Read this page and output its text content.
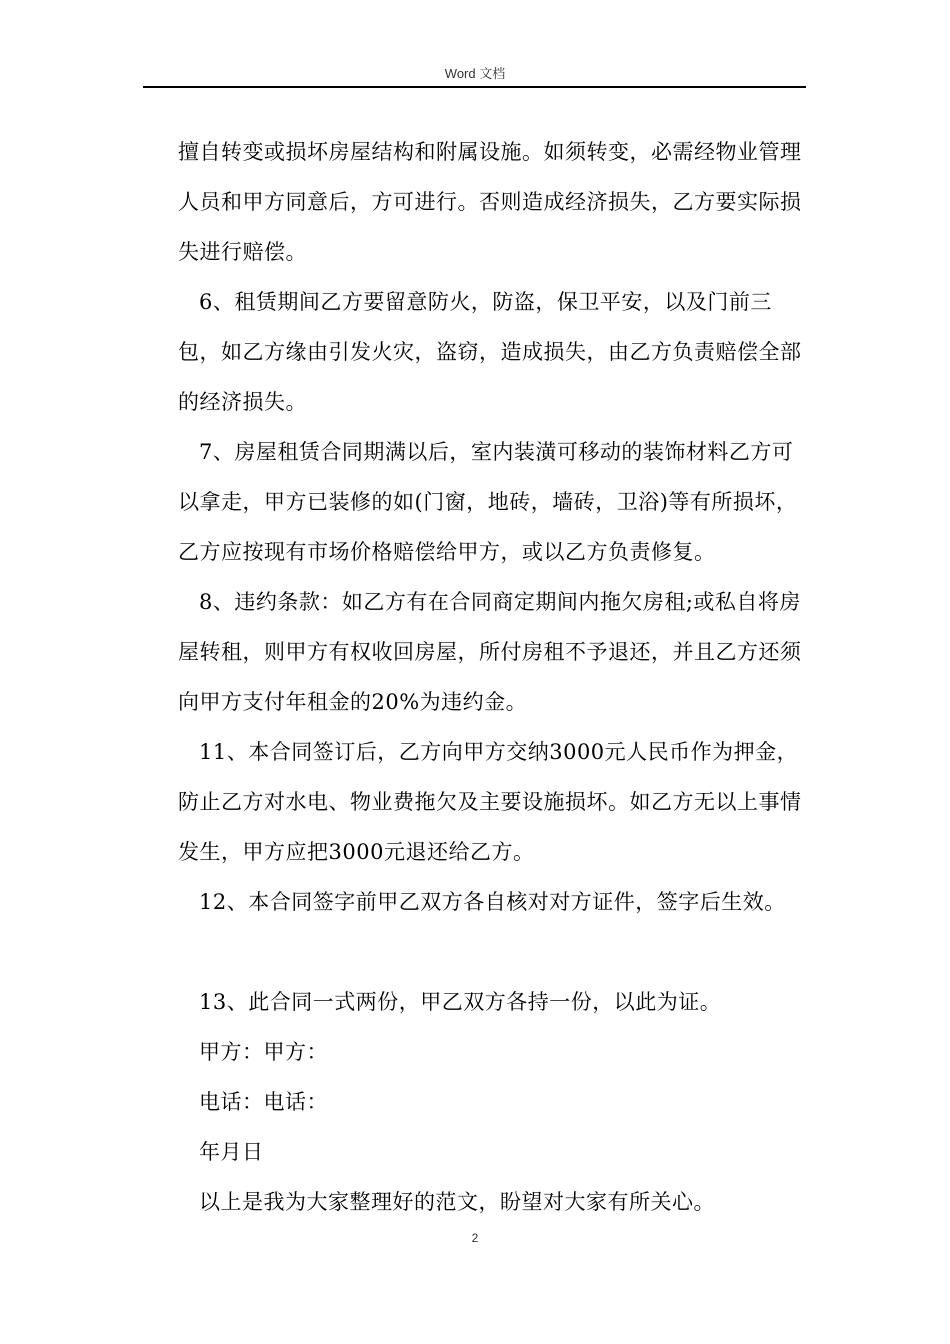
Word 文档

擅自转变或损坏房屋结构和附属设施。如须转变，必需经物业管理人员和甲方同意后，方可进行。否则造成经济损失，乙方要实际损失进行赔偿。

6、租赁期间乙方要留意防火，防盗，保卫平安，以及门前三包，如乙方缘由引发火灾，盗窃，造成损失，由乙方负责赔偿全部的经济损失。

7、房屋租赁合同期满以后，室内装潢可移动的装饰材料乙方可以拿走，甲方已装修的如(门窗，地砖，墙砖，卫浴)等有所损坏，乙方应按现有市场价格赔偿给甲方，或以乙方负责修复。

8、违约条款：如乙方有在合同商定期间内拖欠房租;或私自将房屋转租，则甲方有权收回房屋，所付房租不予退还，并且乙方还须向甲方支付年租金的20%为违约金。

11、本合同签订后，乙方向甲方交纳3000元人民币作为押金，防止乙方对水电、物业费拖欠及主要设施损坏。如乙方无以上事情发生，甲方应把3000元退还给乙方。

12、本合同签字前甲乙双方各自核对对方证件，签字后生效。

13、此合同一式两份，甲乙双方各持一份，以此为证。

甲方：甲方：

电话：电话：

年月日

以上是我为大家整理好的范文，盼望对大家有所关心。

2
